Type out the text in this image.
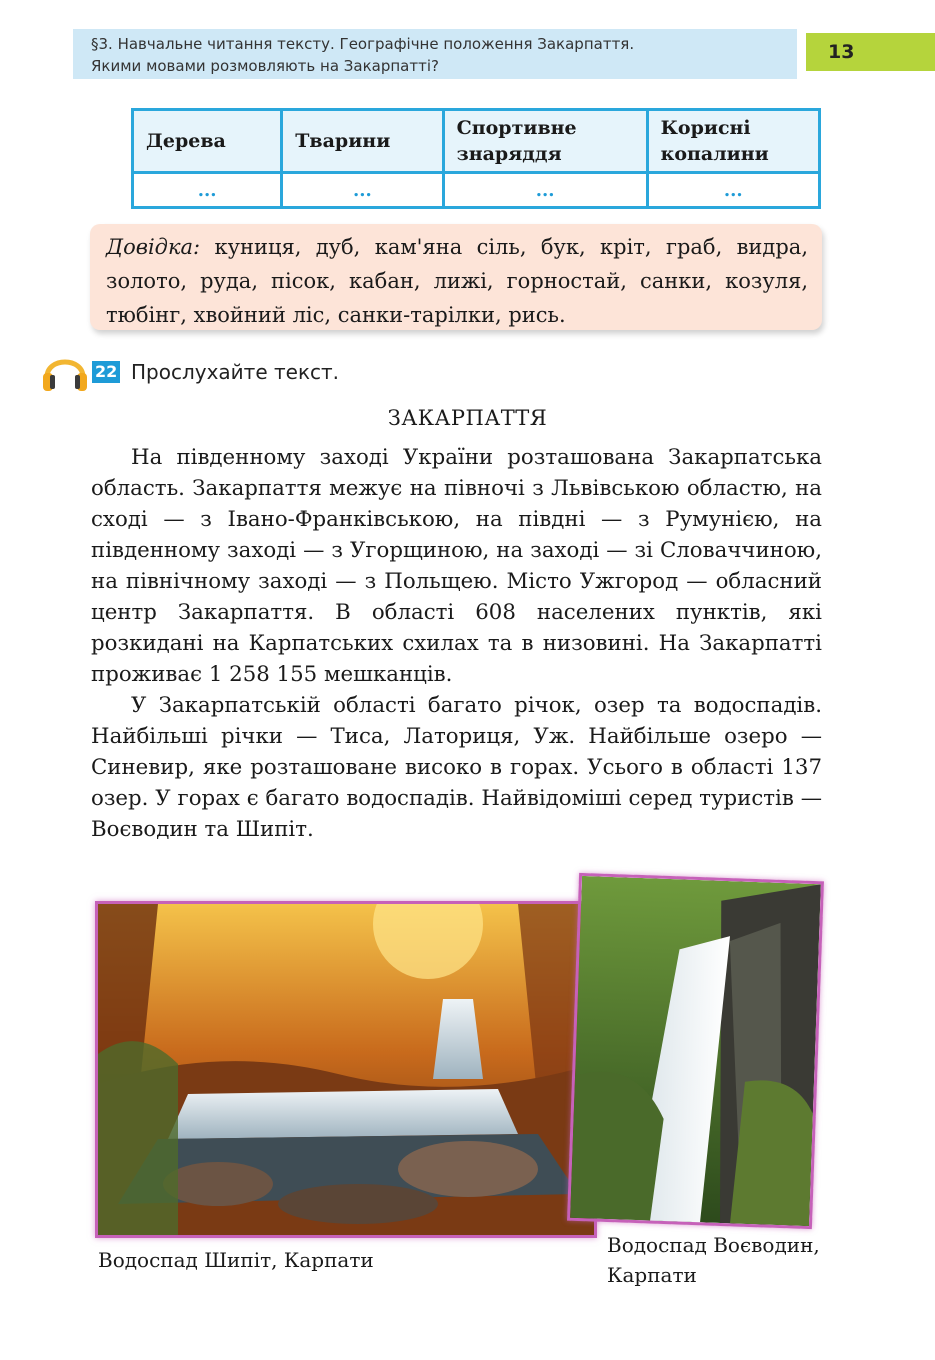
§3. Навчальне читання тексту. Географічне положення Закарпаття.
Якими мовами розмовляють на Закарпатті?
13
Дерева	Тварини	Спортивне знаряддя	Корисні копалини
...	...	...	...
Довідка: куниця, дуб, кам'яна сіль, бук, кріт, граб, видра, золото, руда, пісок, кабан, лижі, горностай, санки, козуля, тюбінг, хвойний ліс, санки-тарілки, рись.
22 Прослухайте текст.
ЗАКАРПАТТЯ

На південному заході України розташована Закарпатська область. Закарпаття межує на півночі з Львівською областю, на сході — з Івано-Франківською, на півдні — з Румунією, на південному заході — з Угорщиною, на заході — зі Словаччиною, на північному заході — з Польщею. Місто Ужгород — обласний центр Закарпаття. В області 608 населених пунктів, які розкидані на Карпатських схилах та в низовині. На Закарпатті проживає 1 258 155 мешканців.

У Закарпатській області багато річок, озер та водоспадів. Найбільші річки — Тиса, Латориця, Уж. Найбільше озеро — Синевир, яке розташоване високо в горах. Усього в області 137 озер. У горах є багато водоспадів. Найвідоміші серед туристів — Воєводин та Шипіт.

Водоспад Шипіт, Карпати
Водоспад Воєводин, Карпати
